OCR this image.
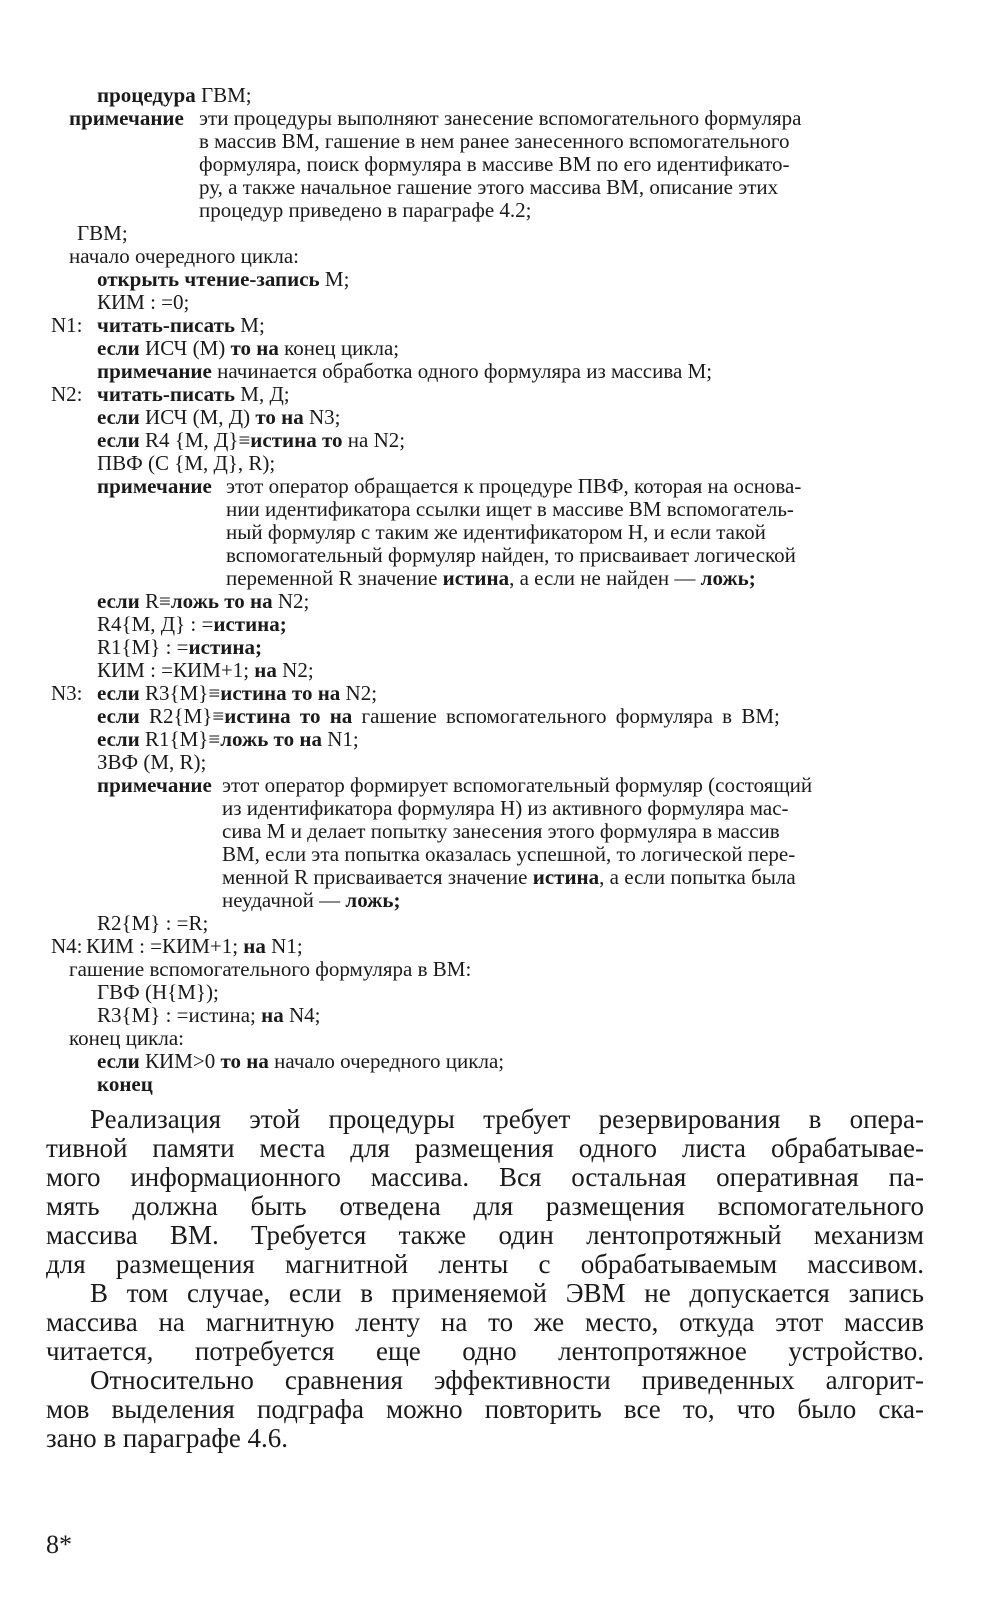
процедура ГВМ;
примечание эти процедуры выполняют занесение вспомогательного формуляра
в массив ВМ, гашение в нем ранее занесенного вспомогательного
формуляра, поиск формуляра в массиве ВМ по его идентификато-
ру, а также начальное гашение этого массива ВМ, описание этих
процедур приведено в параграфе 4.2;
ГВМ;
начало очередного цикла:
открыть чтение-запись М;
КИМ : =0;
N1: читать-писать М;
если ИСЧ (М) то на конец цикла;
примечание начинается обработка одного формуляра из массива М;
N2: читать-писать М, Д;
если ИСЧ (М, Д) то на N3;
если R4 {М, Д}≡истина то на N2;
ПВФ (С {М, Д}, R);
примечание этот оператор обращается к процедуре ПВФ, которая на основа-
нии идентификатора ссылки ищет в массиве ВМ вспомогатель-
ный формуляр с таким же идентификатором Н, и если такой
вспомогательный формуляр найден, то присваивает логической
переменной R значение истина, а если не найден — ложь;
если R≡ложь то на N2;
R4{М, Д} : =истина;
R1{М} : =истина;
КИМ : =КИМ+1; на N2;
N3: если R3{М}≡истина то на N2;
если R2{М}≡истина то на гашение вспомогательного формуляра в ВМ;
если R1{М}≡ложь то на N1;
ЗВФ (М, R);
примечание этот оператор формирует вспомогательный формуляр (состоящий
из идентификатора формуляра Н) из активного формуляра мас-
сива М и делает попытку занесения этого формуляра в массив
ВМ, если эта попытка оказалась успешной, то логической пере-
менной R присваивается значение истина, а если попытка была
неудачной — ложь;
R2{М} : =R;
N4: КИМ : =КИМ+1; на N1;
гашение вспомогательного формуляра в ВМ:
ГВФ (Н{М});
R3{М} : =истина; на N4;
конец цикла:
если КИМ>0 то на начало очередного цикла;
конец
Реализация этой процедуры требует резервирования в опера-
тивной памяти места для размещения одного листа обрабатывае-
мого информационного массива. Вся остальная оперативная па-
мять должна быть отведена для размещения вспомогательного
массива ВМ. Требуется также один лентопротяжный механизм
для размещения магнитной ленты с обрабатываемым массивом.
В том случае, если в применяемой ЭВМ не допускается запись
массива на магнитную ленту на то же место, откуда этот массив
читается, потребуется еще одно лентопротяжное устройство.
Относительно сравнения эффективности приведенных алгорит-
мов выделения подграфа можно повторить все то, что было ска-
зано в параграфе 4.6.
8*
